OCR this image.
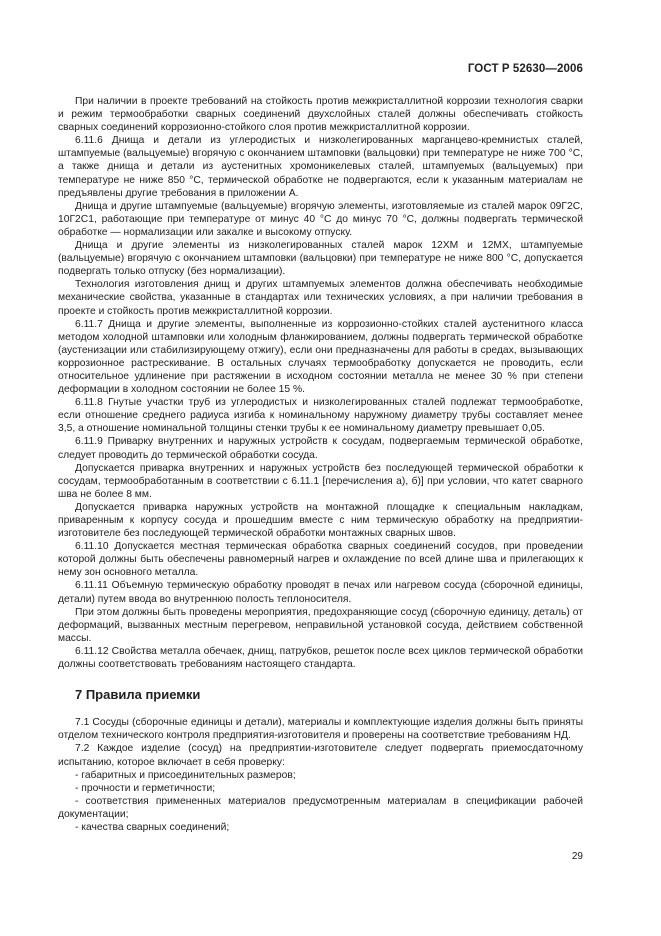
ГОСТ Р 52630—2006

При наличии в проекте требований на стойкость против межкристаллитной коррозии технология сварки и режим термообработки сварных соединений двухслойных сталей должны обеспечивать стойкость сварных соединений коррозионно-стойкого слоя против межкристаллитной коррозии.

6.11.6 Днища и детали из углеродистых и низколегированных марганцево-кремнистых сталей, штампуемые (вальцуемые) вгорячую с окончанием штамповки (вальцовки) при температуре не ниже 700 °С, а также днища и детали из аустенитных хромоникелевых сталей, штампуемых (вальцуемых) при температуре не ниже 850 °С, термической обработке не подвергаются, если к указанным материалам не предъявлены другие требования в приложении А.

Днища и другие штампуемые (вальцуемые) вгорячую элементы, изготовляемые из сталей марок 09Г2С, 10Г2С1, работающие при температуре от минус 40 °С до минус 70 °С, должны подвергать термической обработке — нормализации или закалке и высокому отпуску.

Днища и другие элементы из низколегированных сталей марок 12ХМ и 12МХ, штампуемые (вальцуемые) вгорячую с окончанием штамповки (вальцовки) при температуре не ниже 800 °С, допускается подвергать только отпуску (без нормализации).

Технология изготовления днищ и других штампуемых элементов должна обеспечивать необходимые механические свойства, указанные в стандартах или технических условиях, а при наличии требования в проекте и стойкость против межкристаллитной коррозии.

6.11.7 Днища и другие элементы, выполненные из коррозионно-стойких сталей аустенитного класса методом холодной штамповки или холодным фланжированием, должны подвергать термической обработке (аустенизации или стабилизирующему отжигу), если они предназначены для работы в средах, вызывающих коррозионное растрескивание. В остальных случаях термообработку допускается не проводить, если относительное удлинение при растяжении в исходном состоянии металла не менее 30 % при степени деформации в холодном состоянии не более 15 %.

6.11.8 Гнутые участки труб из углеродистых и низколегированных сталей подлежат термообработке, если отношение среднего радиуса изгиба к номинальному наружному диаметру трубы составляет менее 3,5, а отношение номинальной толщины стенки трубы к ее номинальному диаметру превышает 0,05.

6.11.9 Приварку внутренних и наружных устройств к сосудам, подвергаемым термической обработке, следует проводить до термической обработки сосуда.

Допускается приварка внутренних и наружных устройств без последующей термической обработки к сосудам, термообработанным в соответствии с 6.11.1 [перечисления а), б)] при условии, что катет сварного шва не более 8 мм.

Допускается приварка наружных устройств на монтажной площадке к специальным накладкам, приваренным к корпусу сосуда и прошедшим вместе с ним термическую обработку на предприятии-изготовителе без последующей термической обработки монтажных сварных швов.

6.11.10 Допускается местная термическая обработка сварных соединений сосудов, при проведении которой должны быть обеспечены равномерный нагрев и охлаждение по всей длине шва и прилегающих к нему зон основного металла.

6.11.11 Объемную термическую обработку проводят в печах или нагревом сосуда (сборочной единицы, детали) путем ввода во внутреннюю полость теплоносителя.

При этом должны быть проведены мероприятия, предохраняющие сосуд (сборочную единицу, деталь) от деформаций, вызванных местным перегревом, неправильной установкой сосуда, действием собственной массы.

6.11.12 Свойства металла обечаек, днищ, патрубков, решеток после всех циклов термической обработки должны соответствовать требованиям настоящего стандарта.

7 Правила приемки

7.1 Сосуды (сборочные единицы и детали), материалы и комплектующие изделия должны быть приняты отделом технического контроля предприятия-изготовителя и проверены на соответствие требованиям НД.

7.2 Каждое изделие (сосуд) на предприятии-изготовителе следует подвергать приемосдаточному испытанию, которое включает в себя проверку:

- габаритных и присоединительных размеров;

- прочности и герметичности;

- соответствия примененных материалов предусмотренным материалам в спецификации рабочей документации;

- качества сварных соединений;

29
